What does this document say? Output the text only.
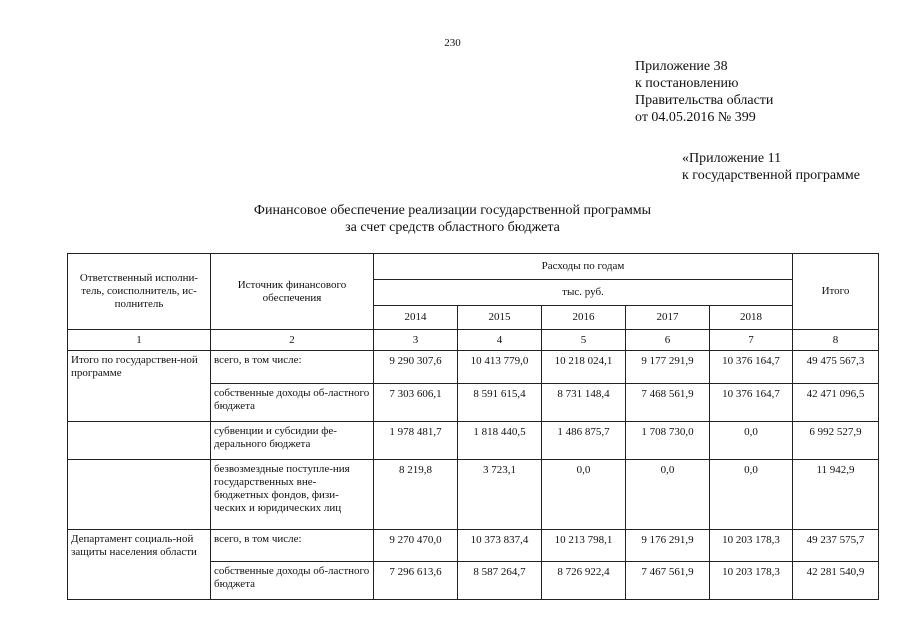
230
Приложение 38
к постановлению
Правительства области
от 04.05.2016 № 399
«Приложение 11
к государственной программе
Финансовое обеспечение реализации государственной программы
за счет средств областного бюджета
Ответственный исполни-тель, соисполнитель, ис-полнитель	Источник финансового обеспечения	Расходы по годам					Итого
		тыс. руб.					
		2014	2015	2016	2017	2018	
1	2	3	4	5	6	7	8
Итого по государствен-ной программе	всего, в том числе:	9 290 307,6	10 413 779,0	10 218 024,1	9 177 291,9	10 376 164,7	49 475 567,3
	собственные доходы об-ластного бюджета	7 303 606,1	8 591 615,4	8 731 148,4	7 468 561,9	10 376 164,7	42 471 096,5
	субвенции и субсидии фе-дерального бюджета	1 978 481,7	1 818 440,5	1 486 875,7	1 708 730,0	0,0	6 992 527,9
	безвозмездные поступле-ния государственных вне-бюджетных фондов, физи-ческих и юридических лиц	8 219,8	3 723,1	0,0	0,0	0,0	11 942,9
Департамент социаль-ной защиты населения области	всего, в том числе:	9 270 470,0	10 373 837,4	10 213 798,1	9 176 291,9	10 203 178,3	49 237 575,7
	собственные доходы об-ластного бюджета	7 296 613,6	8 587 264,7	8 726 922,4	7 467 561,9	10 203 178,3	42 281 540,9
